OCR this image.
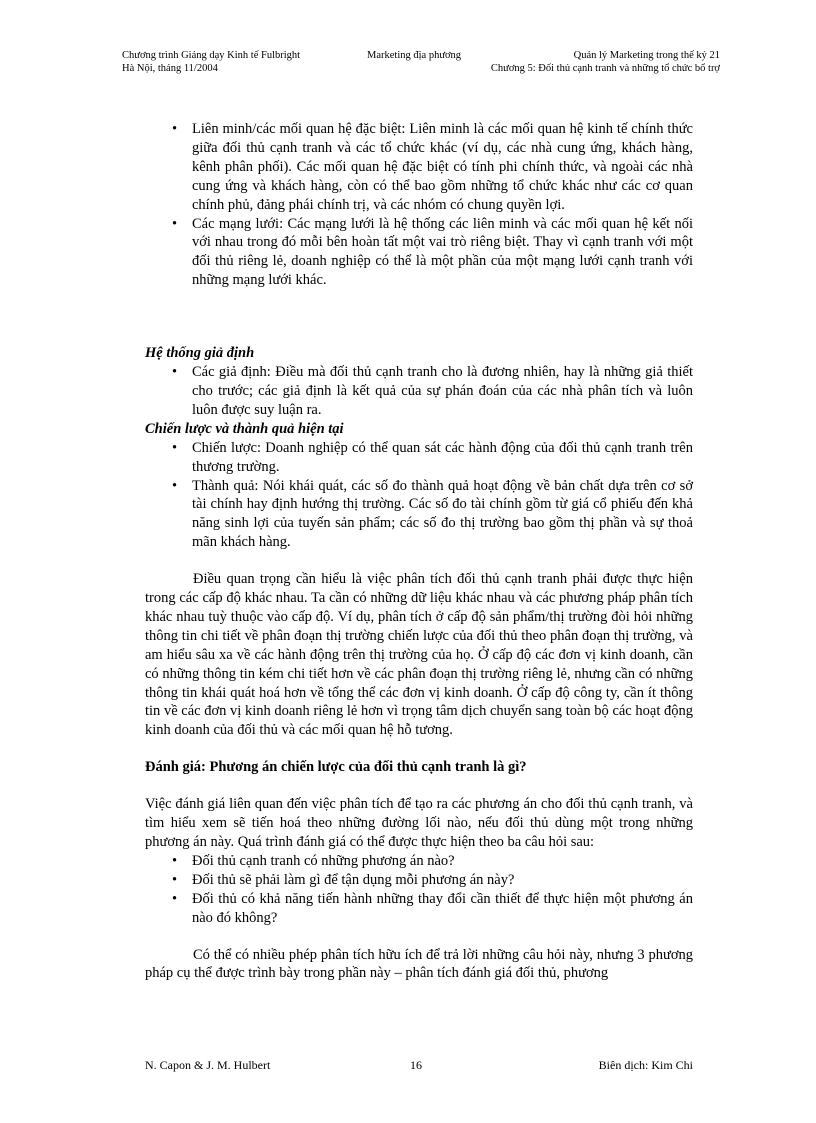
Chương trình Giảng dạy Kinh tế Fulbright
Hà Nội, tháng 11/2004
Marketing địa phương	Quản lý Marketing trong thế kỷ 21
Chương 5: Đối thủ cạnh tranh và những tổ chức bổ trợ
• Liên minh/các mối quan hệ đặc biệt: Liên minh là các mối quan hệ kinh tế chính thức giữa đối thủ cạnh tranh và các tổ chức khác (ví dụ, các nhà cung ứng, khách hàng, kênh phân phối). Các mối quan hệ đặc biệt có tính phi chính thức, và ngoài các nhà cung ứng và khách hàng, còn có thể bao gồm những tổ chức khác như các cơ quan chính phủ, đảng phái chính trị, và các nhóm có chung quyền lợi.
• Các mạng lưới: Các mạng lưới là hệ thống các liên minh và các mối quan hệ kết nối với nhau trong đó mỗi bên hoàn tất một vai trò riêng biệt. Thay vì cạnh tranh với một đối thủ riêng lẻ, doanh nghiệp có thể là một phần của một mạng lưới cạnh tranh với những mạng lưới khác.

Hệ thống giả định

• Các giả định: Điều mà đối thủ cạnh tranh cho là đương nhiên, hay là những giả thiết cho trước; các giả định là kết quả của sự phán đoán của các nhà phân tích và luôn luôn được suy luận ra.

Chiến lược và thành quả hiện tại

• Chiến lược: Doanh nghiệp có thể quan sát các hành động của đối thủ cạnh tranh trên thương trường.
• Thành quả: Nói khái quát, các số đo thành quả hoạt động về bản chất dựa trên cơ sở tài chính hay định hướng thị trường. Các số đo tài chính gồm từ giá cổ phiếu đến khả năng sinh lợi của tuyến sản phẩm; các số đo thị trường bao gồm thị phần và sự thoả mãn khách hàng.

Điều quan trọng cần hiểu là việc phân tích đối thủ cạnh tranh phải được thực hiện trong các cấp độ khác nhau. Ta cần có những dữ liệu khác nhau và các phương pháp phân tích khác nhau tuỳ thuộc vào cấp độ. Ví dụ, phân tích ở cấp độ sản phẩm/thị trường đòi hỏi những thông tin chi tiết về phân đoạn thị trường chiến lược của đối thủ theo phân đoạn thị trường, và am hiểu sâu xa về các hành động trên thị trường của họ. Ở cấp độ các đơn vị kinh doanh, cần có những thông tin kém chi tiết hơn về các phân đoạn thị trường riêng lẻ, nhưng cần có những thông tin khái quát hoá hơn về tổng thể các đơn vị kinh doanh. Ở cấp độ công ty, cần ít thông tin về các đơn vị kinh doanh riêng lẻ hơn vì trọng tâm dịch chuyển sang toàn bộ các hoạt động kinh doanh của đối thủ và các mối quan hệ hỗ tương.

Đánh giá: Phương án chiến lược của đối thủ cạnh tranh là gì?

Việc đánh giá liên quan đến việc phân tích để tạo ra các phương án cho đối thủ cạnh tranh, và tìm hiểu xem sẽ tiến hoá theo những đường lối nào, nếu đối thủ dùng một trong những phương án này. Quá trình đánh giá có thể được thực hiện theo ba câu hỏi sau:

• Đối thủ cạnh tranh có những phương án nào?
• Đối thủ sẽ phải làm gì để tận dụng mỗi phương án này?
• Đối thủ có khả năng tiến hành những thay đổi cần thiết để thực hiện một phương án nào đó không?

Có thể có nhiều phép phân tích hữu ích để trả lời những câu hỏi này, nhưng 3 phương pháp cụ thể được trình bày trong phần này – phân tích đánh giá đối thủ, phương

N. Capon & J. M. Hulbert	16	Biên dịch: Kim Chi
